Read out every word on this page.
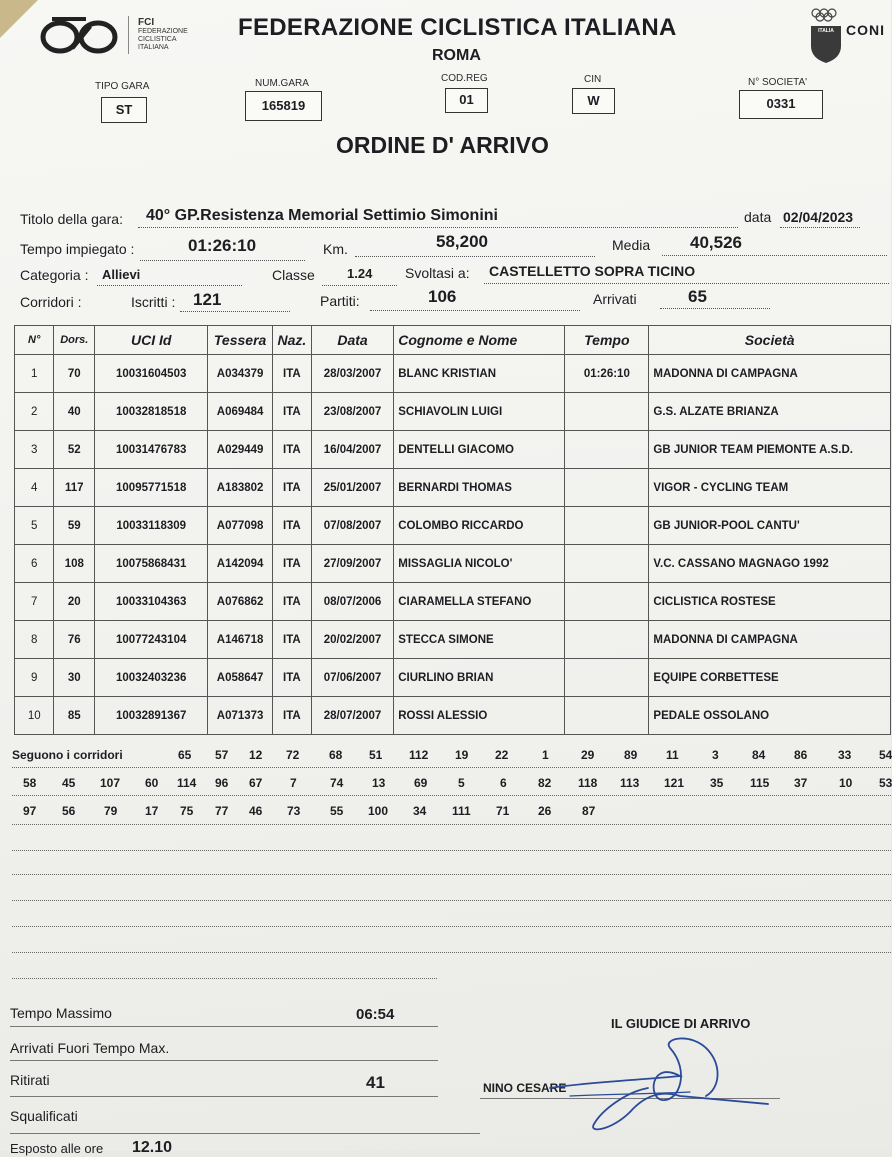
FCI
FEDERAZIONE
CICLISTICA
ITALIANA
FEDERAZIONE CICLISTICA ITALIANA
ROMA
ITALIA CONI
TIPO GARA
ST
NUM.GARA
165819
COD.REG
01
CIN
W
N° SOCIETA'
0331
ORDINE D' ARRIVO
Titolo della gara: 40° GP.Resistenza Memorial Settimio Simonini	data 02/04/2023
Tempo impiegato :	01:26:10	Km.	58,200	Media 40,526
Categoria : Allievi	Classe 1.24 Svoltasi a: CASTELLETTO SOPRA TICINO
Corridori :	Iscritti : 121	Partiti:	106	Arrivati	65
N°	Dors.	UCI Id	Tessera	Naz.	Data	Cognome e Nome	Tempo	Società
1	70	10031604503	A034379	ITA	28/03/2007	BLANC KRISTIAN	01:26:10	MADONNA DI CAMPAGNA
2	40	10032818518	A069484	ITA	23/08/2007	SCHIAVOLIN LUIGI		G.S. ALZATE BRIANZA
3	52	10031476783	A029449	ITA	16/04/2007	DENTELLI GIACOMO		GB JUNIOR TEAM PIEMONTE A.S.D.
4	117	10095771518	A183802	ITA	25/01/2007	BERNARDI THOMAS		VIGOR - CYCLING TEAM
5	59	10033118309	A077098	ITA	07/08/2007	COLOMBO RICCARDO		GB JUNIOR-POOL CANTU'
6	108	10075868431	A142094	ITA	27/09/2007	MISSAGLIA NICOLO'		V.C. CASSANO MAGNAGO 1992
7	20	10033104363	A076862	ITA	08/07/2006	CIARAMELLA STEFANO		CICLISTICA ROSTESE
8	76	10077243104	A146718	ITA	20/02/2007	STECCA SIMONE		MADONNA DI CAMPAGNA
9	30	10032403236	A058647	ITA	07/06/2007	CIURLINO BRIAN		EQUIPE CORBETTESE
10	85	10032891367	A071373	ITA	28/07/2007	ROSSI ALESSIO		PEDALE OSSOLANO
Seguono i corridori	65 57 12 72 68 51 112 19 22	1	29 89 11	3	84 86	33 54
58 45 107 60 114 96 67 7	74 13 69	5	6	82 118 113 121 35 115 37	10 53
97 56 79 17 75 77 46 73 55 100 34 111 71 26	87
Tempo Massimo	06:54
Arrivati Fuori Tempo Max.
Ritirati	41
Squalificati
Esposto alle ore 12.10
IL GIUDICE DI ARRIVO
NINO CESARE
